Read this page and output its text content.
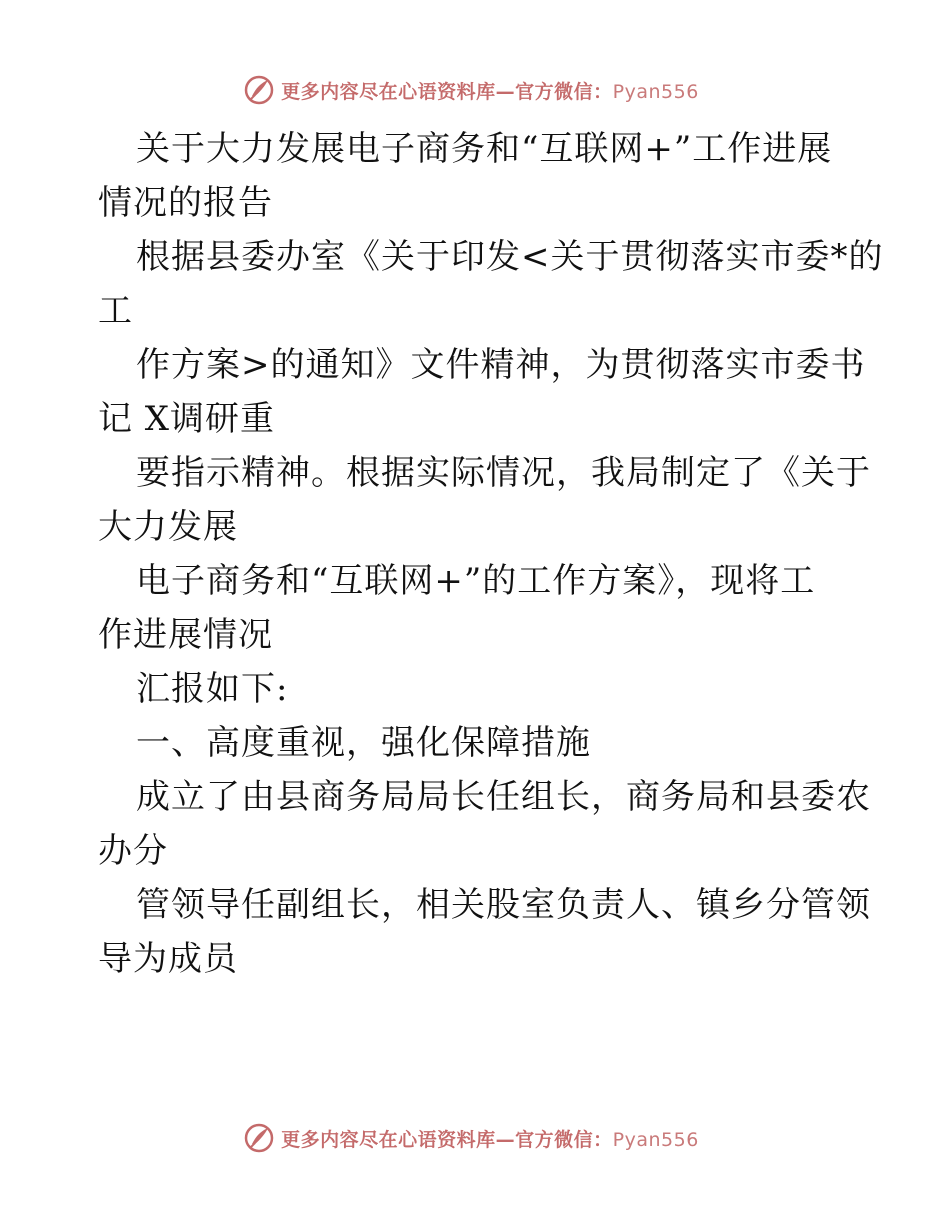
更多内容尽在心语资料库—官方微信：Pyan556
关于大力发展电子商务和“互联网+”工作进展
情况的报告
根据县委办室《关于印发<关于贯彻落实市委*的
工
作方案>的通知》文件精神，为贯彻落实市委书
记 X调研重
要指示精神。根据实际情况，我局制定了《关于
大力发展
电子商务和“互联网+”的工作方案》，现将工
作进展情况
汇报如下:
一、高度重视，强化保障措施
成立了由县商务局局长任组长，商务局和县委农
办分
管领导任副组长，相关股室负责人、镇乡分管领
导为成员
更多内容尽在心语资料库—官方微信：Pyan556
